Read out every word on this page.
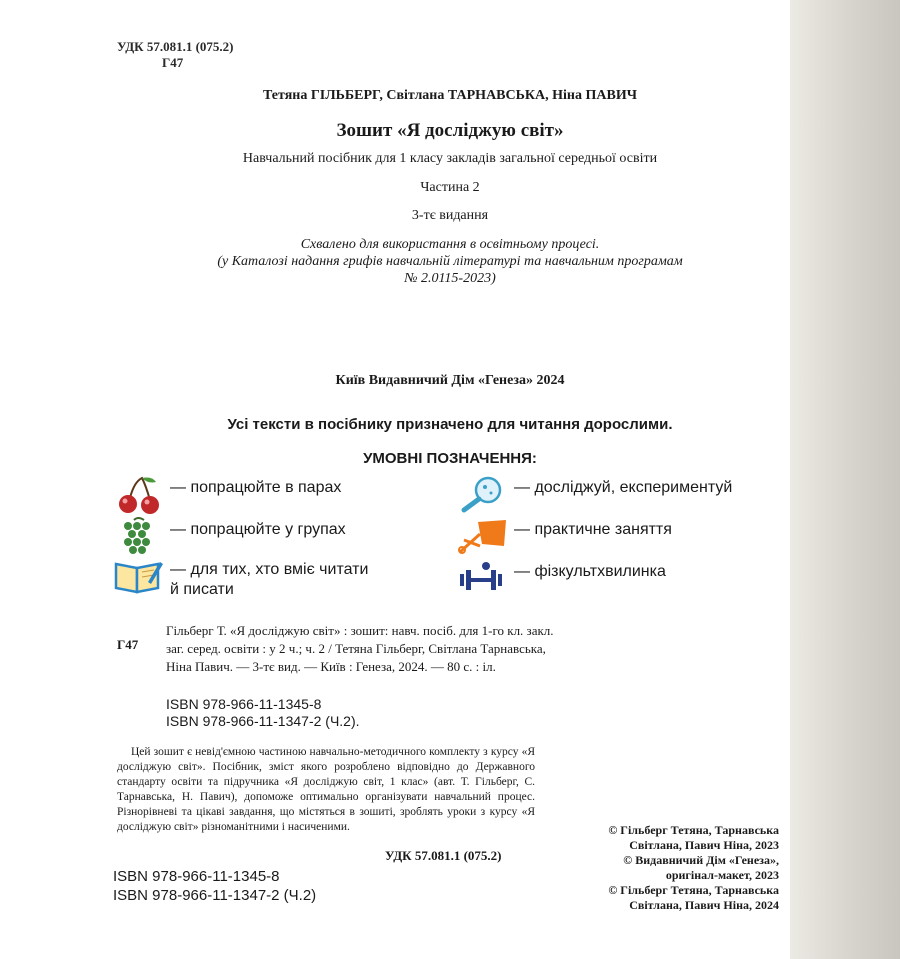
УДК 57.081.1 (075.2)
Г47
Тетяна ГІЛЬБЕРГ, Світлана ТАРНАВСЬКА, Ніна ПАВИЧ
Зошит «Я досліджую світ»
Навчальний посібник для 1 класу закладів загальної середньої освіти
Частина 2
3-тє видання
Схвалено для використання в освітньому процесі.
(у Каталозі надання грифів навчальній літературі та навчальним програмам
№ 2.0115-2023)
Київ Видавничий Дім «Генеза» 2024
Усі тексти в посібнику призначено для читання дорослими.
УМОВНІ ПОЗНАЧЕННЯ:
— попрацюйте в парах
— попрацюйте у групах
— для тих, хто вміє читати
й писати
— досліджуй, експериментуй
— практичне заняття
— фізкультхвилинка
Г47
Гільберг Т. «Я досліджую світ» : зошит: навч. посіб. для 1-го кл. закл. заг. серед. освіти : у 2 ч.; ч. 2 / Тетяна Гільберг, Світлана Тарнавська, Ніна Павич. — 3-тє вид. — Київ : Генеза, 2024. — 80 с. : іл.
ISBN 978-966-11-1345-8
ISBN 978-966-11-1347-2 (Ч.2).
Цей зошит є невід'ємною частиною навчально-методичного комплекту з курсу «Я досліджую світ». Посібник, зміст якого розроблено відповідно до Державного стандарту освіти та підручника «Я досліджую світ, 1 клас» (авт. Т. Гільберг, С. Тарнавська, Н. Павич), допоможе оптимально організувати навчальний процес. Різнорівневі та цікаві завдання, що містяться в зошиті, зроблять уроки з курсу «Я досліджую світ» різноманітними і насиченими.
УДК 57.081.1 (075.2)
ISBN 978-966-11-1345-8
ISBN 978-966-11-1347-2 (Ч.2)
© Гільберг Тетяна, Тарнавська
Світлана, Павич Ніна, 2023
© Видавничий Дім «Генеза»,
оригінал-макет, 2023
© Гільберг Тетяна, Тарнавська
Світлана, Павич Ніна, 2024
